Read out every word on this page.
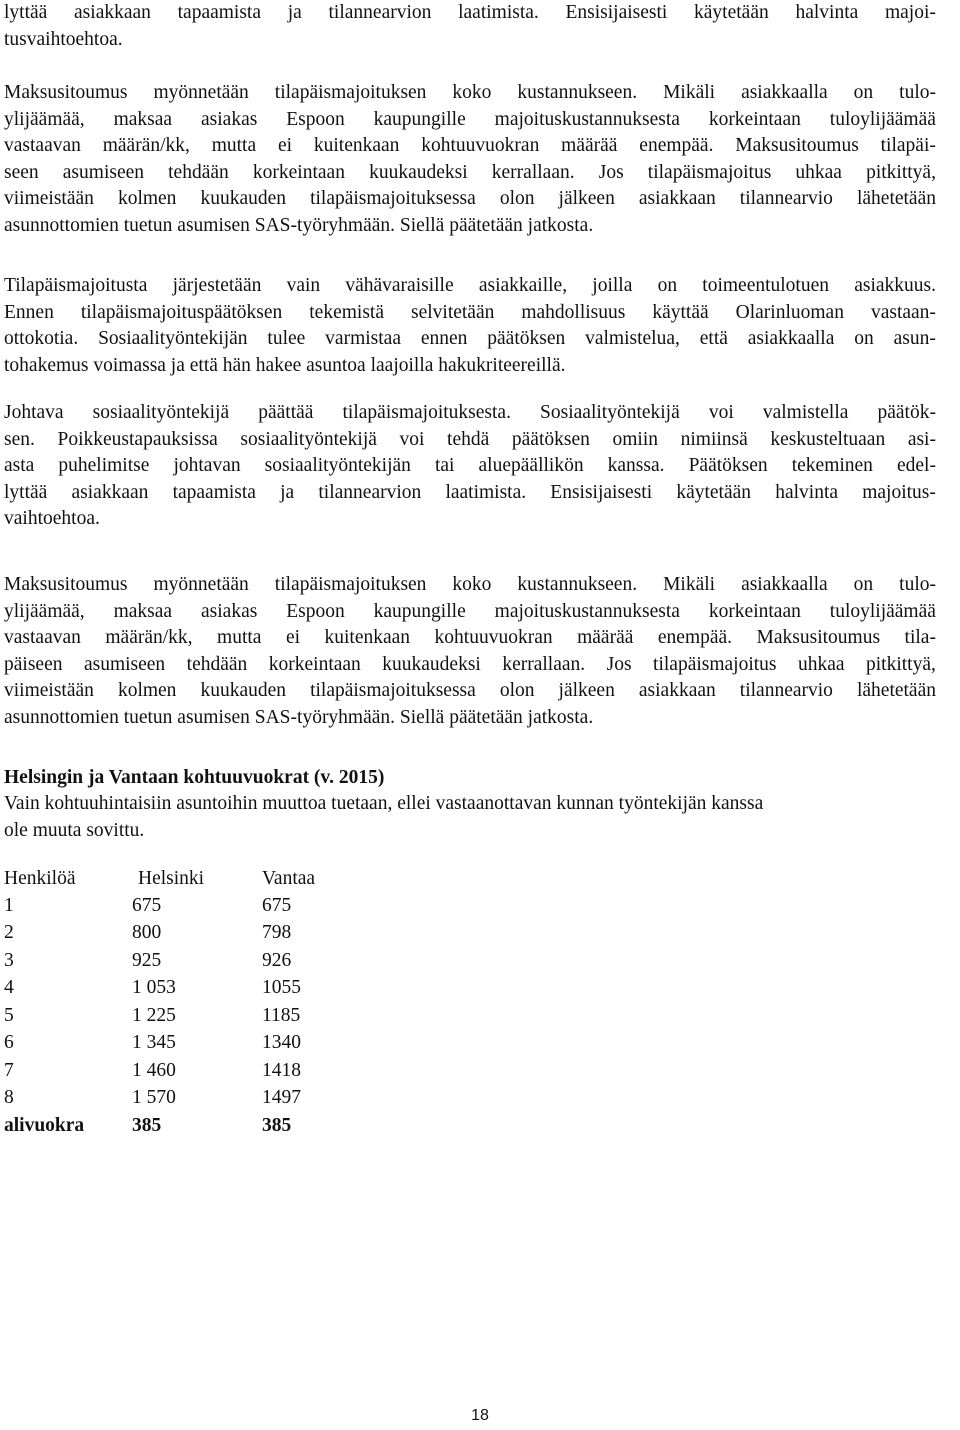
lyttää asiakkaan tapaamista ja tilannearvion laatimista. Ensisijaisesti käytetään halvinta majoi-
tusvaihtoehtoa.
Maksusitoumus myönnetään tilapäismajoituksen koko kustannukseen. Mikäli asiakkaalla on tulo-
ylijäämää, maksaa asiakas Espoon kaupungille majoituskustannuksesta korkeintaan tuloylijäämää
vastaavan määrän/kk, mutta ei kuitenkaan kohtuuvuokran määrää enempää. Maksusitoumus tilapäi-
seen asumiseen tehdään korkeintaan kuukaudeksi kerrallaan. Jos tilapäismajoitus uhkaa pitkittyä,
viimeistään kolmen kuukauden tilapäismajoituksessa olon jälkeen asiakkaan tilannearvio lähetetään
asunnottomien tuetun asumisen SAS-työryhmään. Siellä päätetään jatkosta.
Tilapäismajoitusta järjestetään vain vähävaraisille asiakkaille, joilla on toimeentulotuen asiakkuus.
Ennen tilapäismajoituspäätöksen tekemistä selvitetään mahdollisuus käyttää Olarinluoman vastaan-
ottokotia. Sosiaalityöntekijän tulee varmistaa ennen päätöksen valmistelua, että asiakkaalla on asun-
tohakemus voimassa ja että hän hakee asuntoa laajoilla hakukriteereillä.
Johtava sosiaalityöntekijä päättää tilapäismajoituksesta. Sosiaalityöntekijä voi valmistella päätök-
sen. Poikkeustapauksissa sosiaalityöntekijä voi tehdä päätöksen omiin nimiinsä keskusteltuaan asi-
asta puhelimitse johtavan sosiaalityöntekijän tai aluepäällikön kanssa. Päätöksen tekeminen edel-
lyttää asiakkaan tapaamista ja tilannearvion laatimista. Ensisijaisesti käytetään halvinta majoitus-
vaihtoehtoa.
Maksusitoumus myönnetään tilapäismajoituksen koko kustannukseen. Mikäli asiakkaalla on tulo-
ylijäämää, maksaa asiakas Espoon kaupungille majoituskustannuksesta korkeintaan tuloylijäämää
vastaavan määrän/kk, mutta ei kuitenkaan kohtuuvuokran määrää enempää. Maksusitoumus tila-
päiseen asumiseen tehdään korkeintaan kuukaudeksi kerrallaan. Jos tilapäismajoitus uhkaa pitkittyä,
viimeistään kolmen kuukauden tilapäismajoituksessa olon jälkeen asiakkaan tilannearvio lähetetään
asunnottomien tuetun asumisen SAS-työryhmään. Siellä päätetään jatkosta.
Helsingin ja Vantaan kohtuuvuokrat (v. 2015)
Vain kohtuuhintaisiin asuntoihin muuttoa tuetaan, ellei vastaanottavan kunnan työntekijän kanssa
ole muuta sovittu.
Henkilöä	Helsinki	Vantaa
1	675	675
2	800	798
3	925	926
4	1 053	1055
5	1 225	1185
6	1 345	1340
7	1 460	1418
8	1 570	1497
alivuokra 385	385
18
